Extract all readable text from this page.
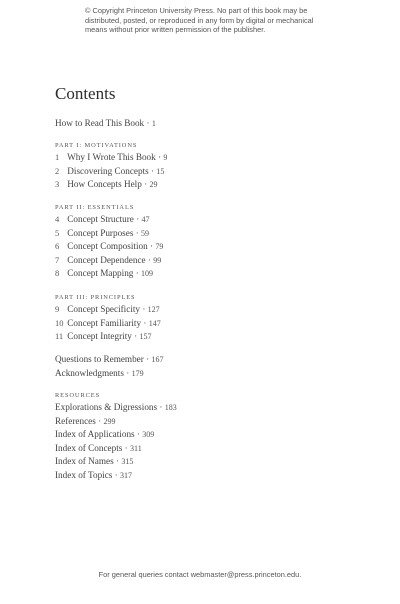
© Copyright Princeton University Press. No part of this book may be
distributed, posted, or reproduced in any form by digital or mechanical
means without prior written permission of the publisher.
Contents
How to Read This Book · 1
PART I: MOTIVATIONS
1 Why I Wrote This Book · 9
2 Discovering Concepts · 15
3 How Concepts Help · 29
PART II: ESSENTIALS
4 Concept Structure · 47
5 Concept Purposes · 59
6 Concept Composition · 79
7 Concept Dependence · 99
8 Concept Mapping · 109
PART III: PRINCIPLES
9 Concept Specificity · 127
10 Concept Familiarity · 147
11 Concept Integrity · 157
Questions to Remember · 167
Acknowledgments · 179
RESOURCES
Explorations & Digressions · 183
References · 299
Index of Applications · 309
Index of Concepts · 311
Index of Names · 315
Index of Topics · 317
For general queries contact webmaster@press.princeton.edu.
